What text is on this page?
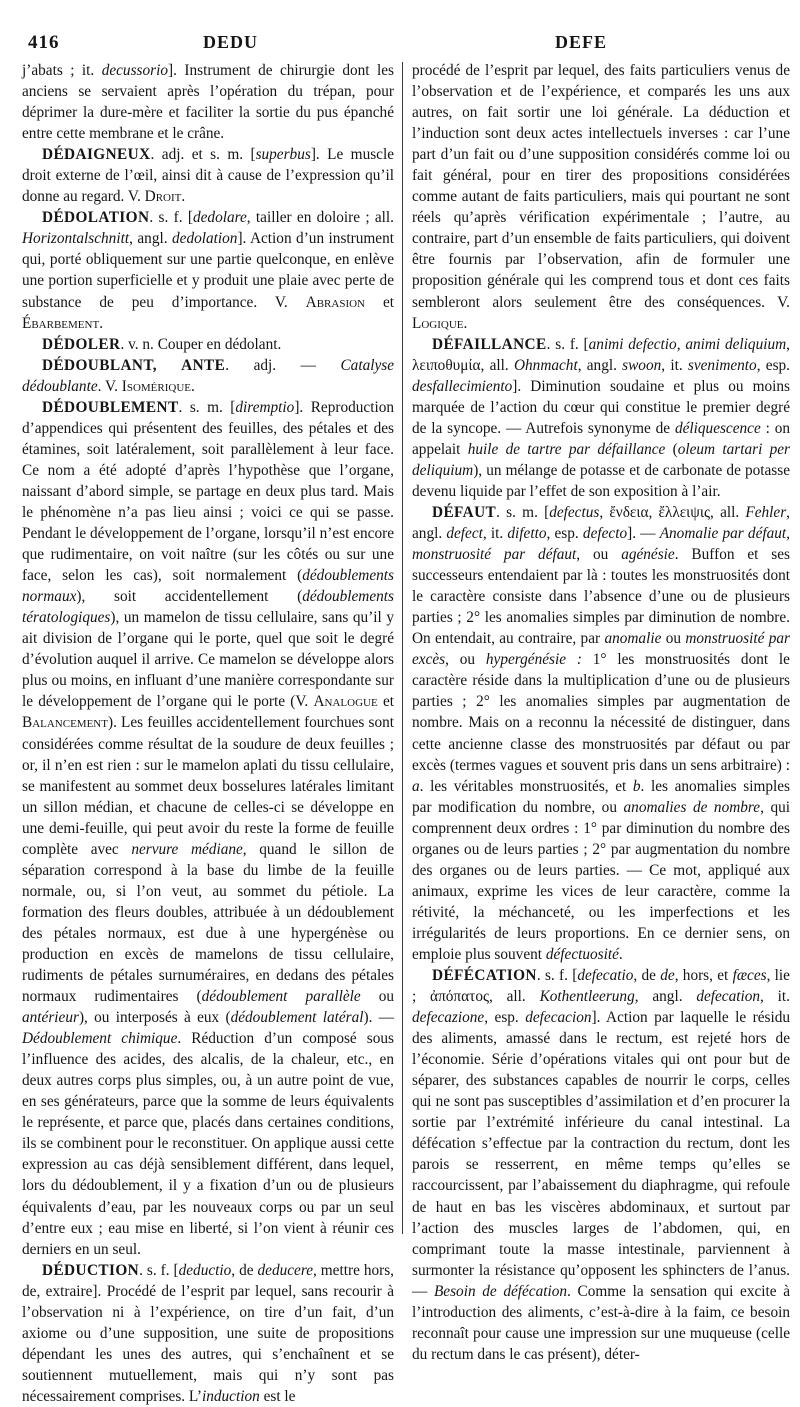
416	DEDU	DEFE

j’abats ; it. decussorio]. Instrument de chirurgie dont les anciens se servaient après l’opération du trépan, pour déprimer la dure-mère et faciliter la sortie du pus épanché entre cette membrane et le crâne.

DÉDAIGNEUX. adj. et s. m. [superbus]. Le muscle droit externe de l’œil, ainsi dit à cause de l’expression qu’il donne au regard. V. Droit.

DÉDOLATION. s. f. [dedolare, tailler en doloire ; all. Horizontalschnitt, angl. dedolation]. Action d’un instrument qui, porté obliquement sur une partie quelconque, en enlève une portion superficielle et y produit une plaie avec perte de substance de peu d’importance. V. Abrasion et Ébarbement.

DÉDOLER. v. n. Couper en dédolant.

DÉDOUBLANT, ANTE. adj. — Catalyse dédoublante. V. Isomérique.

DÉDOUBLEMENT. s. m. [diremptio]. Reproduction d’appendices qui présentent des feuilles, des pétales et des étamines, soit latéralement, soit parallèlement à leur face. Ce nom a été adopté d’après l’hypothèse que l’organe, naissant d’abord simple, se partage en deux plus tard. Mais le phénomène n’a pas lieu ainsi ; voici ce qui se passe. Pendant le développement de l’organe, lorsqu’il n’est encore que rudimentaire, on voit naître (sur les côtés ou sur une face, selon les cas), soit normalement (dédoublements normaux), soit accidentellement (dédoublements tératologiques), un mamelon de tissu cellulaire, sans qu’il y ait division de l’organe qui le porte, quel que soit le degré d’évolution auquel il arrive. Ce mamelon se développe alors plus ou moins, en influant d’une manière correspondante sur le développement de l’organe qui le porte (V. Analogue et Balancement). Les feuilles accidentellement fourchues sont considérées comme résultat de la soudure de deux feuilles ; or, il n’en est rien : sur le mamelon aplati du tissu cellulaire, se manifestent au sommet deux bosselures latérales limitant un sillon médian, et chacune de celles-ci se développe en une demi-feuille, qui peut avoir du reste la forme de feuille complète avec nervure médiane, quand le sillon de séparation correspond à la base du limbe de la feuille normale, ou, si l’on veut, au sommet du pétiole. La formation des fleurs doubles, attribuée à un dédoublement des pétales normaux, est due à une hypergénèse ou production en excès de mamelons de tissu cellulaire, rudiments de pétales surnuméraires, en dedans des pétales normaux rudimentaires (dédoublement parallèle ou antérieur), ou interposés à eux (dédoublement latéral). — Dédoublement chimique. Réduction d’un composé sous l’influence des acides, des alcalis, de la chaleur, etc., en deux autres corps plus simples, ou, à un autre point de vue, en ses générateurs, parce que la somme de leurs équivalents le représente, et parce que, placés dans certaines conditions, ils se combinent pour le reconstituer. On applique aussi cette expression au cas déjà sensiblement différent, dans lequel, lors du dédoublement, il y a fixation d’un ou de plusieurs équivalents d’eau, par les nouveaux corps ou par un seul d’entre eux ; eau mise en liberté, si l’on vient à réunir ces derniers en un seul.

DÉDUCTION. s. f. [deductio, de deducere, mettre hors, de, extraire]. Procédé de l’esprit par lequel, sans recourir à l’observation ni à l’expérience, on tire d’un fait, d’un axiome ou d’une supposition, une suite de propositions dépendant les unes des autres, qui s’enchaînent et se soutiennent mutuellement, mais qui n’y sont pas nécessairement comprises. L’induction est le

procédé de l’esprit par lequel, des faits particuliers venus de l’observation et de l’expérience, et comparés les uns aux autres, on fait sortir une loi générale. La déduction et l’induction sont deux actes intellectuels inverses : car l’une part d’un fait ou d’une supposition considérés comme loi ou fait général, pour en tirer des propositions considérées comme autant de faits particuliers, mais qui pourtant ne sont réels qu’après vérification expérimentale ; l’autre, au contraire, part d’un ensemble de faits particuliers, qui doivent être fournis par l’observation, afin de formuler une proposition générale qui les comprend tous et dont ces faits sembleront alors seulement être des conséquences. V. Logique.

DÉFAILLANCE. s. f. [animi defectio, animi deliquium, λειποθυμία, all. Ohnmacht, angl. swoon, it. svenimento, esp. desfallecimiento]. Diminution soudaine et plus ou moins marquée de l’action du cœur qui constitue le premier degré de la syncope. — Autrefois synonyme de déliquescence : on appelait huile de tartre par défaillance (oleum tartari per deliquium), un mélange de potasse et de carbonate de potasse devenu liquide par l’effet de son exposition à l’air.

DÉFAUT. s. m. [defectus, ἔνδεια, ἔλλειψις, all. Fehler, angl. defect, it. difetto, esp. defecto]. — Anomalie par défaut, monstruosité par défaut, ou agénésie. Buffon et ses successeurs entendaient par là : toutes les monstruosités dont le caractère consiste dans l’absence d’une ou de plusieurs parties ; 2° les anomalies simples par diminution de nombre. On entendait, au contraire, par anomalie ou monstruosité par excès, ou hypergénésie : 1° les monstruosités dont le caractère réside dans la multiplication d’une ou de plusieurs parties ; 2° les anomalies simples par augmentation de nombre. Mais on a reconnu la nécessité de distinguer, dans cette ancienne classe des monstruosités par défaut ou par excès (termes vagues et souvent pris dans un sens arbitraire) : a. les véritables monstruosités, et b. les anomalies simples par modification du nombre, ou anomalies de nombre, qui comprennent deux ordres : 1° par diminution du nombre des organes ou de leurs parties ; 2° par augmentation du nombre des organes ou de leurs parties. — Ce mot, appliqué aux animaux, exprime les vices de leur caractère, comme la rétivité, la méchanceté, ou les imperfections et les irrégularités de leurs proportions. En ce dernier sens, on emploie plus souvent défectuosité.

DÉFÉCATION. s. f. [defecatio, de de, hors, et fæces, lie ; ἀπόπατος, all. Kothentleerung, angl. defecation, it. defecazione, esp. defecacion]. Action par laquelle le résidu des aliments, amassé dans le rectum, est rejeté hors de l’économie. Série d’opérations vitales qui ont pour but de séparer, des substances capables de nourrir le corps, celles qui ne sont pas susceptibles d’assimilation et d’en procurer la sortie par l’extrémité inférieure du canal intestinal. La défécation s’effectue par la contraction du rectum, dont les parois se resserrent, en même temps qu’elles se raccourcissent, par l’abaissement du diaphragme, qui refoule de haut en bas les viscères abdominaux, et surtout par l’action des muscles larges de l’abdomen, qui, en comprimant toute la masse intestinale, parviennent à surmonter la résistance qu’opposent les sphincters de l’anus. — Besoin de défécation. Comme la sensation qui excite à l’introduction des aliments, c’est-à-dire à la faim, ce besoin reconnaît pour cause une impression sur une muqueuse (celle du rectum dans le cas présent), déter-
